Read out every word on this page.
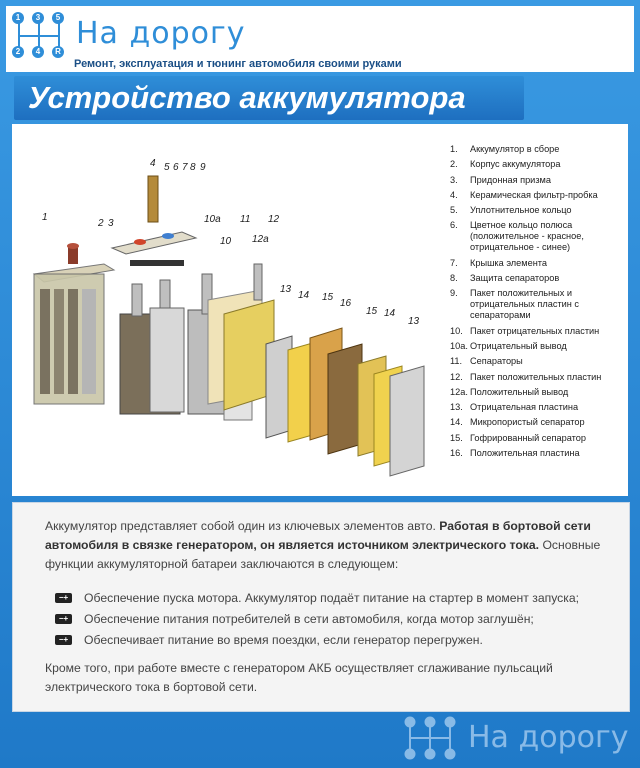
1	3	5
2	4	R
На дорогу
Ремонт, эксплуатация и тюнинг автомобиля своими руками
Устройство аккумулятора
1
2 3
4 5 6 7 8 9
10а 11 12
10 12а
13
14 15
16
15 14
13
1.	Аккумулятор в сборе
2.	Корпус аккумулятора
3.	Придонная призма
4.	Керамическая фильтр-пробка
5.	Уплотнительное кольцо
6.	Цветное кольцо полюса (положительное - красное, отрицательное - синее)
7.	Крышка элемента
8.	Защита сепараторов
9.	Пакет положительных и отрицательных пластин с сепараторами
10. Пакет отрицательных пластин
10а. Отрицательный вывод
11. Сепараторы
12. Пакет положительных пластин
12а. Положительный вывод
13. Отрицательная пластина
14. Микропористый сепаратор
15. Гофрированный сепаратор
16. Положительная пластина
Аккумулятор представляет собой один из ключевых элементов авто. Работая в бортовой сети автомобиля в связке генератором, он является источником электрического тока. Основные функции аккумуляторной батареи заключаются в следующем:
−+	Обеспечение пуска мотора. Аккумулятор подаёт питание на стартер в момент запуска;
−+	Обеспечение питания потребителей в сети автомобиля, когда мотор заглушён;
−+	Обеспечивает питание во время поездки, если генератор перегружен.
Кроме того, при работе вместе с генератором АКБ осуществляет сглаживание пульсаций электрического тока в бортовой сети.
На дорогу
